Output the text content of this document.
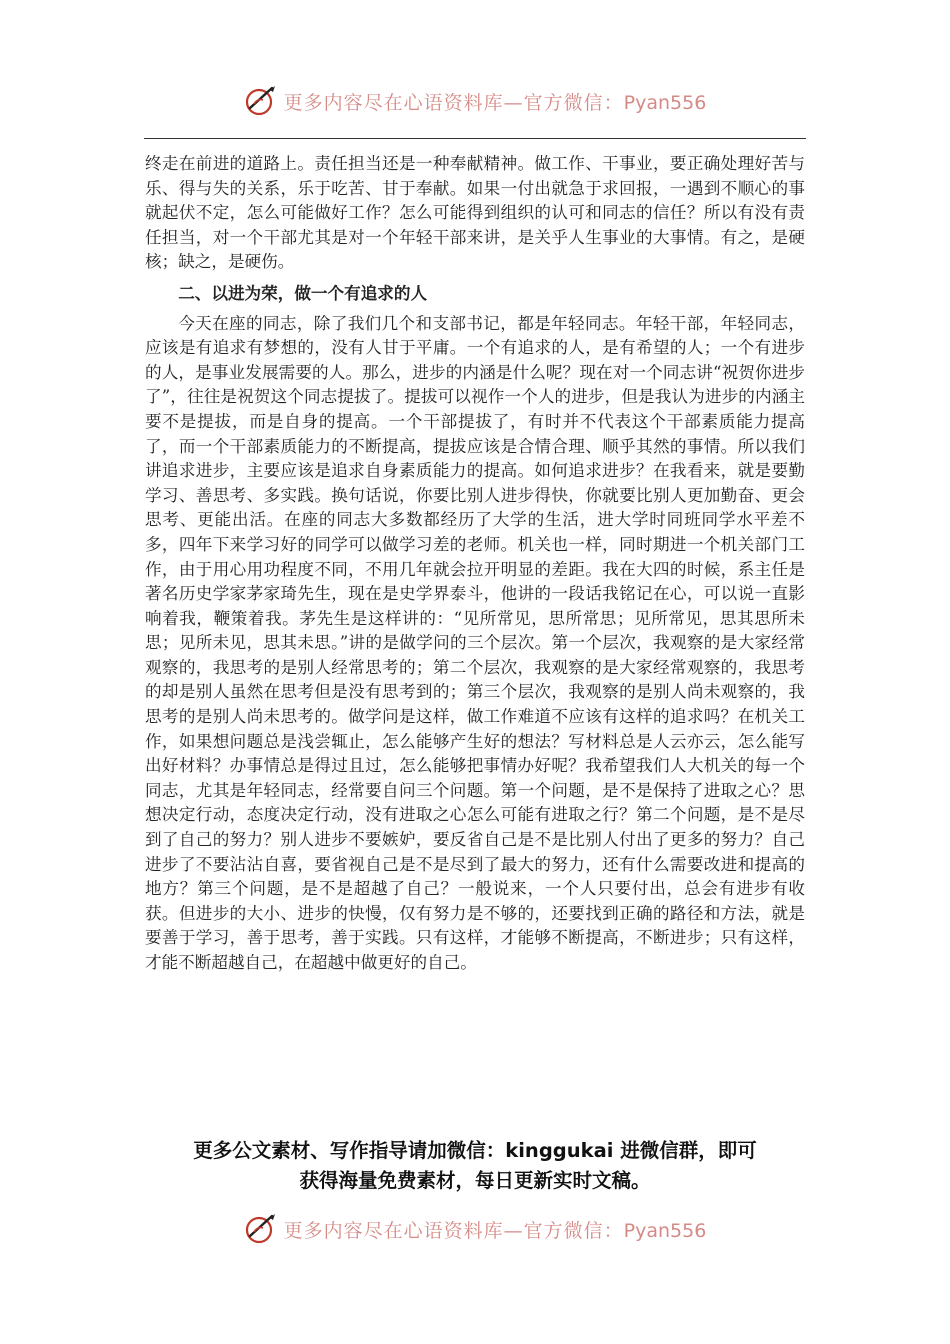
更多内容尽在心语资料库—官方微信：Pyan556

终走在前进的道路上。责任担当还是一种奉献精神。做工作、干事业，要正确处理好苦与乐、得与失的关系，乐于吃苦、甘于奉献。如果一付出就急于求回报，一遇到不顺心的事就起伏不定，怎么可能做好工作？怎么可能得到组织的认可和同志的信任？所以有没有责任担当，对一个干部尤其是对一个年轻干部来讲，是关乎人生事业的大事情。有之，是硬核；缺之，是硬伤。

二、以进为荣，做一个有追求的人

今天在座的同志，除了我们几个和支部书记，都是年轻同志。年轻干部，年轻同志，应该是有追求有梦想的，没有人甘于平庸。一个有追求的人，是有希望的人；一个有进步的人，是事业发展需要的人。那么，进步的内涵是什么呢？现在对一个同志讲“祝贺你进步了”，往往是祝贺这个同志提拔了。提拔可以视作一个人的进步，但是我认为进步的内涵主要不是提拔，而是自身的提高。一个干部提拔了，有时并不代表这个干部素质能力提高了，而一个干部素质能力的不断提高，提拔应该是合情合理、顺乎其然的事情。所以我们讲追求进步，主要应该是追求自身素质能力的提高。如何追求进步？在我看来，就是要勤学习、善思考、多实践。换句话说，你要比别人进步得快，你就要比别人更加勤奋、更会思考、更能出活。在座的同志大多数都经历了大学的生活，进大学时同班同学水平差不多，四年下来学习好的同学可以做学习差的老师。机关也一样，同时期进一个机关部门工作，由于用心用功程度不同，不用几年就会拉开明显的差距。我在大四的时候，系主任是著名历史学家茅家琦先生，现在是史学界泰斗，他讲的一段话我铭记在心，可以说一直影响着我，鞭策着我。茅先生是这样讲的：“见所常见，思所常思；见所常见，思其思所未思；见所未见，思其未思。”讲的是做学问的三个层次。第一个层次，我观察的是大家经常观察的，我思考的是别人经常思考的；第二个层次，我观察的是大家经常观察的，我思考的却是别人虽然在思考但是没有思考到的；第三个层次，我观察的是别人尚未观察的，我思考的是别人尚未思考的。做学问是这样，做工作难道不应该有这样的追求吗？在机关工作，如果想问题总是浅尝辄止，怎么能够产生好的想法？写材料总是人云亦云，怎么能写出好材料？办事情总是得过且过，怎么能够把事情办好呢？我希望我们人大机关的每一个同志，尤其是年轻同志，经常要自问三个问题。第一个问题，是不是保持了进取之心？思想决定行动，态度决定行动，没有进取之心怎么可能有进取之行？第二个问题，是不是尽到了自己的努力？别人进步不要嫉妒，要反省自己是不是比别人付出了更多的努力？自己进步了不要沾沾自喜，要省视自己是不是尽到了最大的努力，还有什么需要改进和提高的地方？第三个问题，是不是超越了自己？一般说来，一个人只要付出，总会有进步有收获。但进步的大小、进步的快慢，仅有努力是不够的，还要找到正确的路径和方法，就是要善于学习，善于思考，善于实践。只有这样，才能够不断提高，不断进步；只有这样，才能不断超越自己，在超越中做更好的自己。

更多公文素材、写作指导请加微信：kinggukai 进微信群，即可
获得海量免费素材，每日更新实时文稿。
更多内容尽在心语资料库—官方微信：Pyan556
